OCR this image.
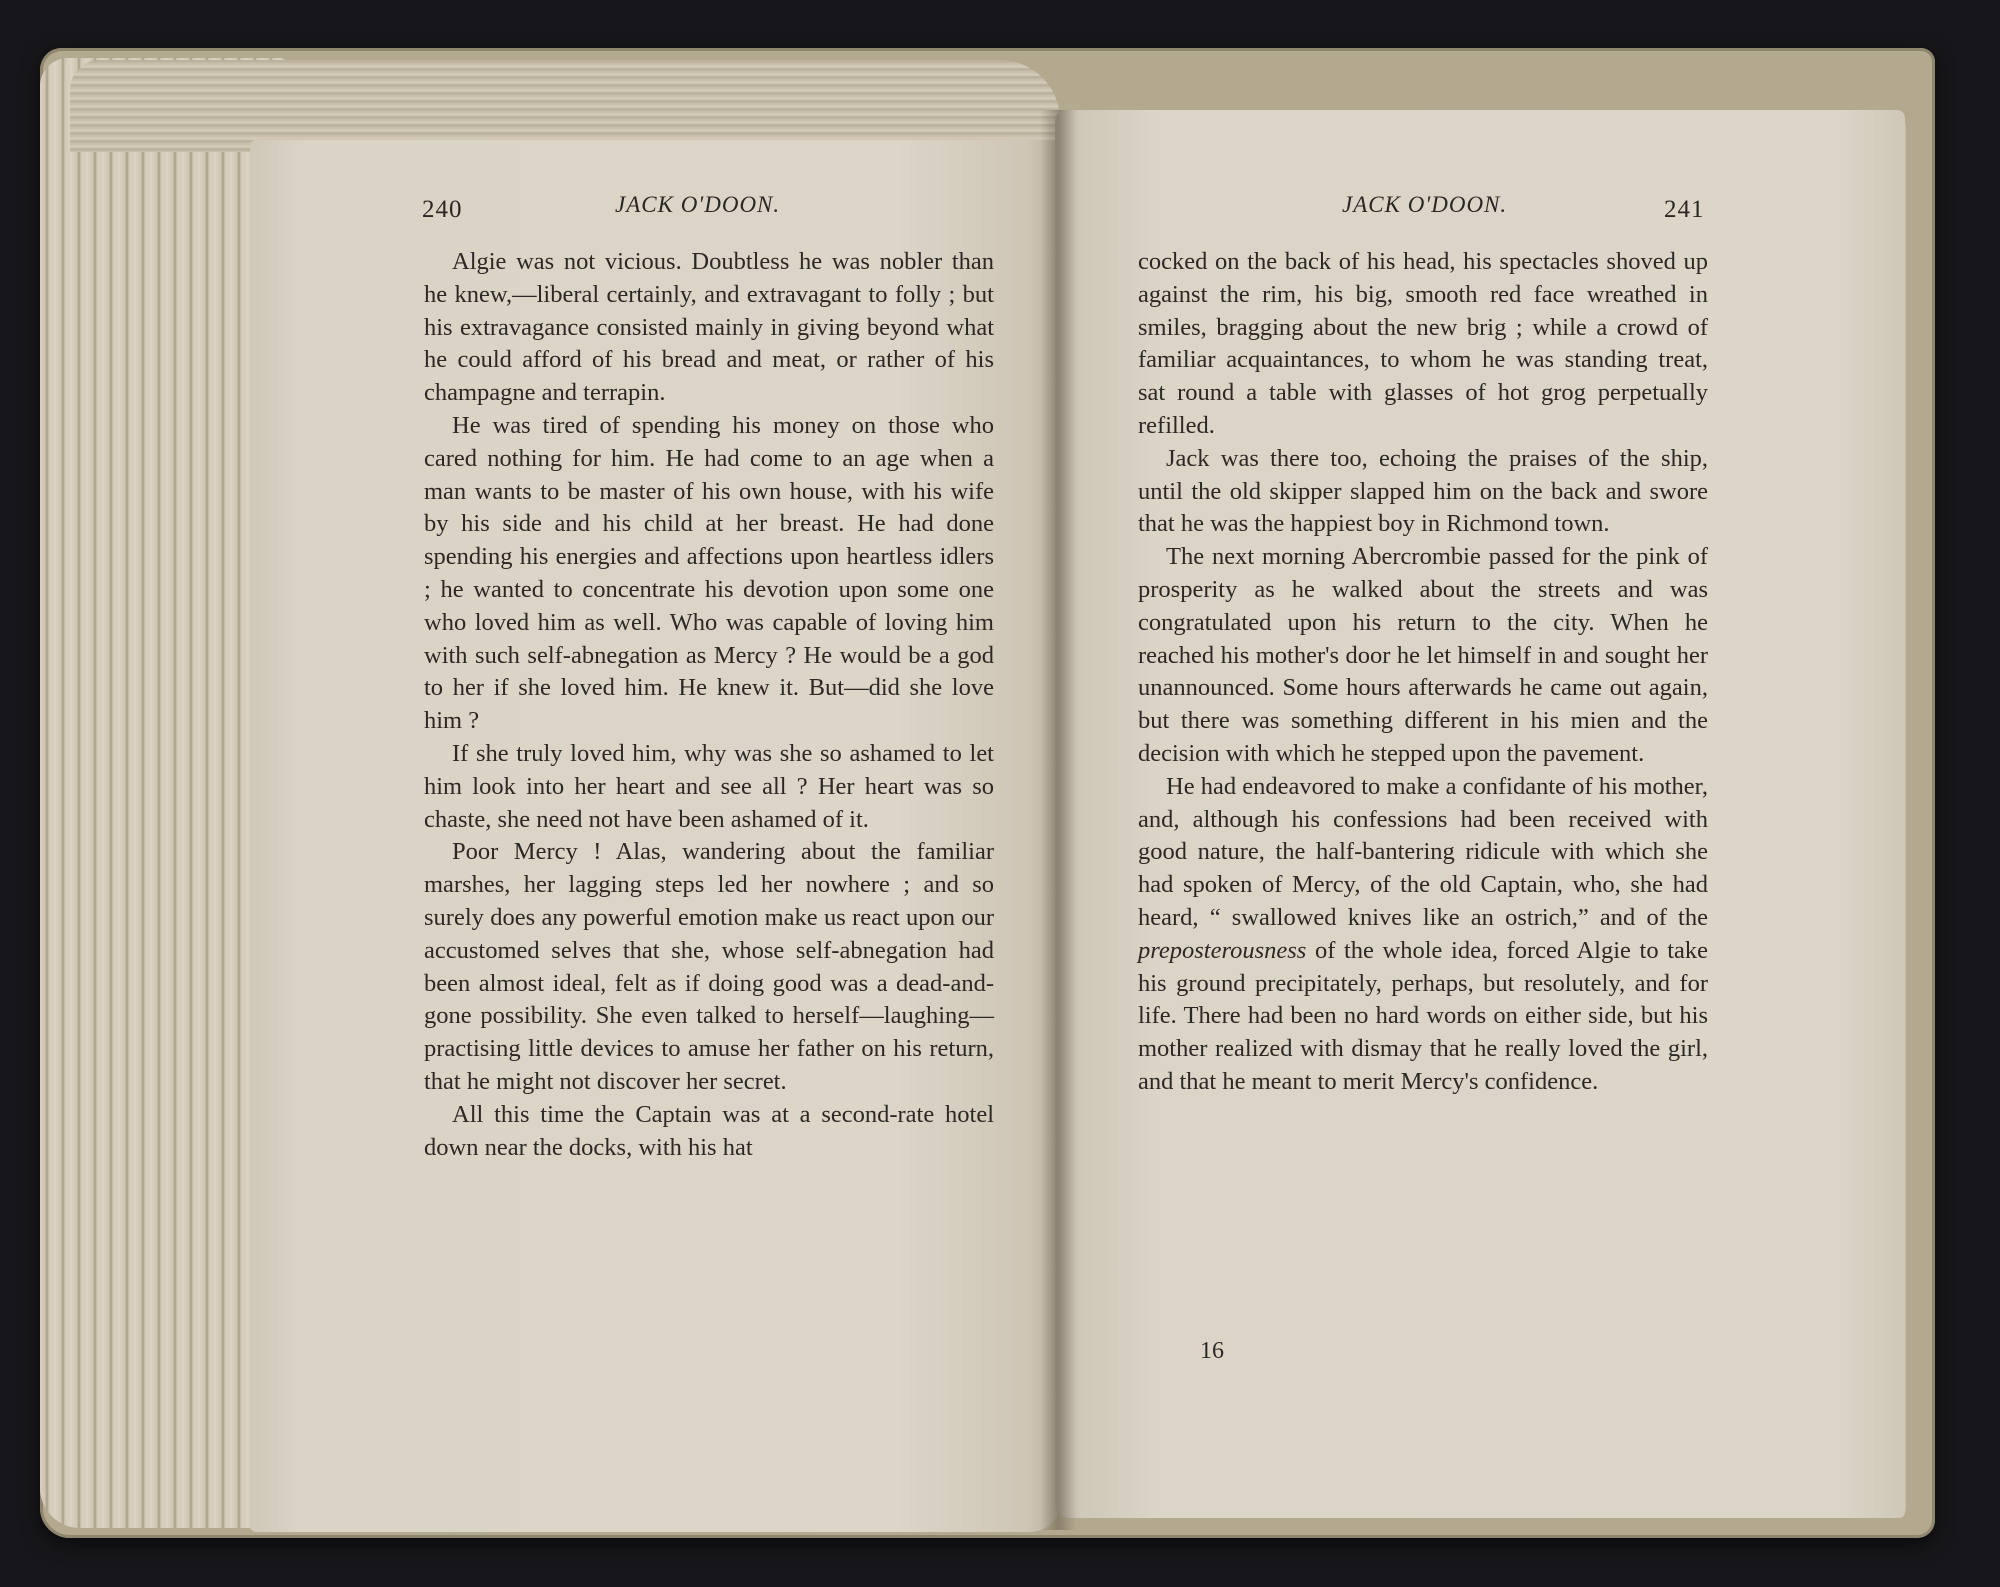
240	JACK O'DOON.

Algie was not vicious. Doubtless he was nobler than he knew,—liberal certainly, and extravagant to folly ; but his extravagance consisted mainly in giving beyond what he could afford of his bread and meat, or rather of his champagne and terrapin.

He was tired of spending his money on those who cared nothing for him. He had come to an age when a man wants to be master of his own house, with his wife by his side and his child at her breast. He had done spending his energies and affections upon heartless idlers ; he wanted to concentrate his devotion upon some one who loved him as well. Who was capable of loving him with such self-abnegation as Mercy ? He would be a god to her if she loved him. He knew it. But—did she love him ?

If she truly loved him, why was she so ashamed to let him look into her heart and see all ? Her heart was so chaste, she need not have been ashamed of it.

Poor Mercy ! Alas, wandering about the familiar marshes, her lagging steps led her nowhere ; and so surely does any powerful emotion make us react upon our accustomed selves that she, whose self-abnegation had been almost ideal, felt as if doing good was a dead-and-gone possibility. She even talked to herself—laughing—practising little devices to amuse her father on his return, that he might not discover her secret.

All this time the Captain was at a second-rate hotel down near the docks, with his hat

JACK O'DOON.	241

cocked on the back of his head, his spectacles shoved up against the rim, his big, smooth red face wreathed in smiles, bragging about the new brig ; while a crowd of familiar acquaintances, to whom he was standing treat, sat round a table with glasses of hot grog perpetually refilled.

Jack was there too, echoing the praises of the ship, until the old skipper slapped him on the back and swore that he was the happiest boy in Richmond town.

The next morning Abercrombie passed for the pink of prosperity as he walked about the streets and was congratulated upon his return to the city. When he reached his mother's door he let himself in and sought her unannounced. Some hours afterwards he came out again, but there was something different in his mien and the decision with which he stepped upon the pavement.

He had endeavored to make a confidante of his mother, and, although his confessions had been received with good nature, the half-bantering ridicule with which she had spoken of Mercy, of the old Captain, who, she had heard, “ swallowed knives like an ostrich,” and of the preposterousness of the whole idea, forced Algie to take his ground precipitately, perhaps, but resolutely, and for life. There had been no hard words on either side, but his mother realized with dismay that he really loved the girl, and that he meant to merit Mercy's confidence.

16
